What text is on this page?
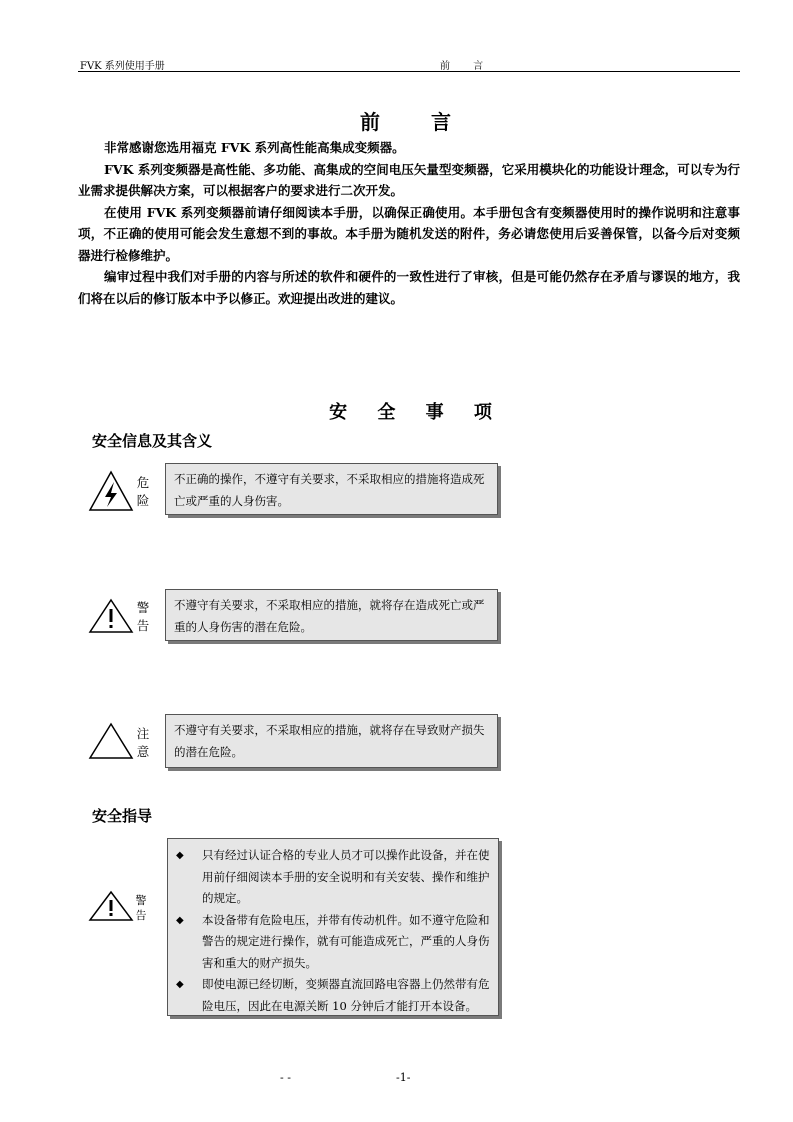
FVK 系列使用手册	前 言
前 言

非常感谢您选用福克 FVK 系列高性能高集成变频器。

FVK 系列变频器是高性能、多功能、高集成的空间电压矢量型变频器，它采用模块化的功能设计理念，可以专为行业需求提供解决方案，可以根据客户的要求进行二次开发。

在使用 FVK 系列变频器前请仔细阅读本手册，以确保正确使用。本手册包含有变频器使用时的操作说明和注意事项，不正确的使用可能会发生意想不到的事故。本手册为随机发送的附件，务必请您使用后妥善保管，以备今后对变频器进行检修维护。

编审过程中我们对手册的内容与所述的软件和硬件的一致性进行了审核，但是可能仍然存在矛盾与谬误的地方，我们将在以后的修订版本中予以修正。欢迎提出改进的建议。

安 全 事 项
安全信息及其含义
危险
不正确的操作，不遵守有关要求，不采取相应的措施将造成死亡或严重的人身伤害。
警告
不遵守有关要求，不采取相应的措施，就将存在造成死亡或严重的人身伤害的潜在危险。
注意
不遵守有关要求，不采取相应的措施，就将存在导致财产损失的潜在危险。
安全指导
警告
◆	只有经过认证合格的专业人员才可以操作此设备，并在使用前仔细阅读本手册的安全说明和有关安装、操作和维护的规定。
◆	本设备带有危险电压，并带有传动机件。如不遵守危险和警告的规定进行操作，就有可能造成死亡，严重的人身伤害和重大的财产损失。
◆	即使电源已经切断，变频器直流回路电容器上仍然带有危险电压，因此在电源关断 10 分钟后才能打开本设备。
- -	-1-
